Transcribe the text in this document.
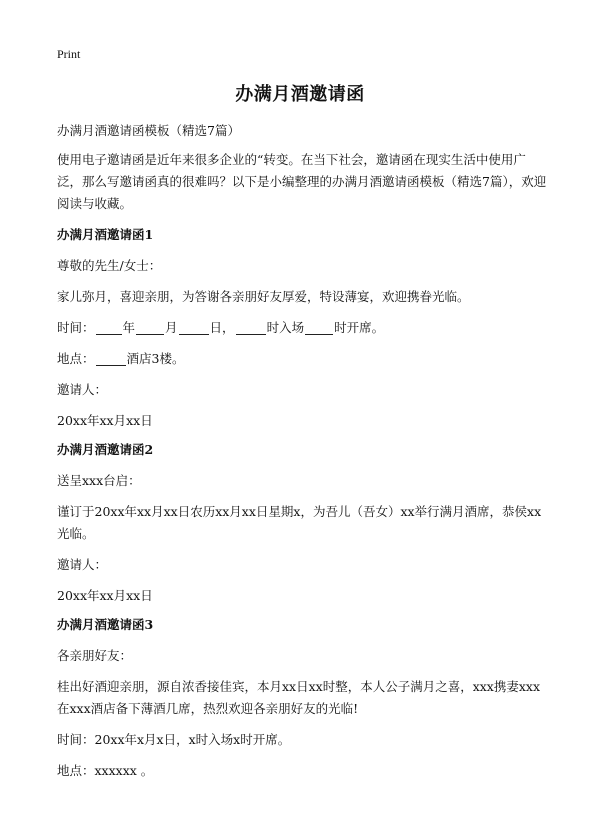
Print
办满月酒邀请函

办满月酒邀请函模板（精选7篇）

使用电子邀请函是近年来很多企业的“转变。在当下社会，邀请函在现实生活中使用广泛，那么写邀请函真的很难吗？以下是小编整理的办满月酒邀请函模板（精选7篇），欢迎阅读与收藏。

办满月酒邀请函1

尊敬的先生/女士：

家儿弥月，喜迎亲朋，为答谢各亲朋好友厚爱，特设薄宴，欢迎携眷光临。

时间： 年 月	日，	时入场 时开席。

地点：	酒店3楼。

邀请人：

20xx年xx月xx日

办满月酒邀请函2

送呈xxx台启：

谨订于20xx年xx月xx日农历xx月xx日星期x，为吾儿（吾女）xx举行满月酒席，恭侯xx光临。

邀请人：

20xx年xx月xx日

办满月酒邀请函3

各亲朋好友：

桂出好酒迎亲朋，源自浓香接佳宾，本月xx日xx时整，本人公子满月之喜，xxx携妻xxx在xxx酒店备下薄酒几席，热烈欢迎各亲朋好友的光临!

时间：20xx年x月x日，x时入场x时开席。

地点：xxxxxx 。
